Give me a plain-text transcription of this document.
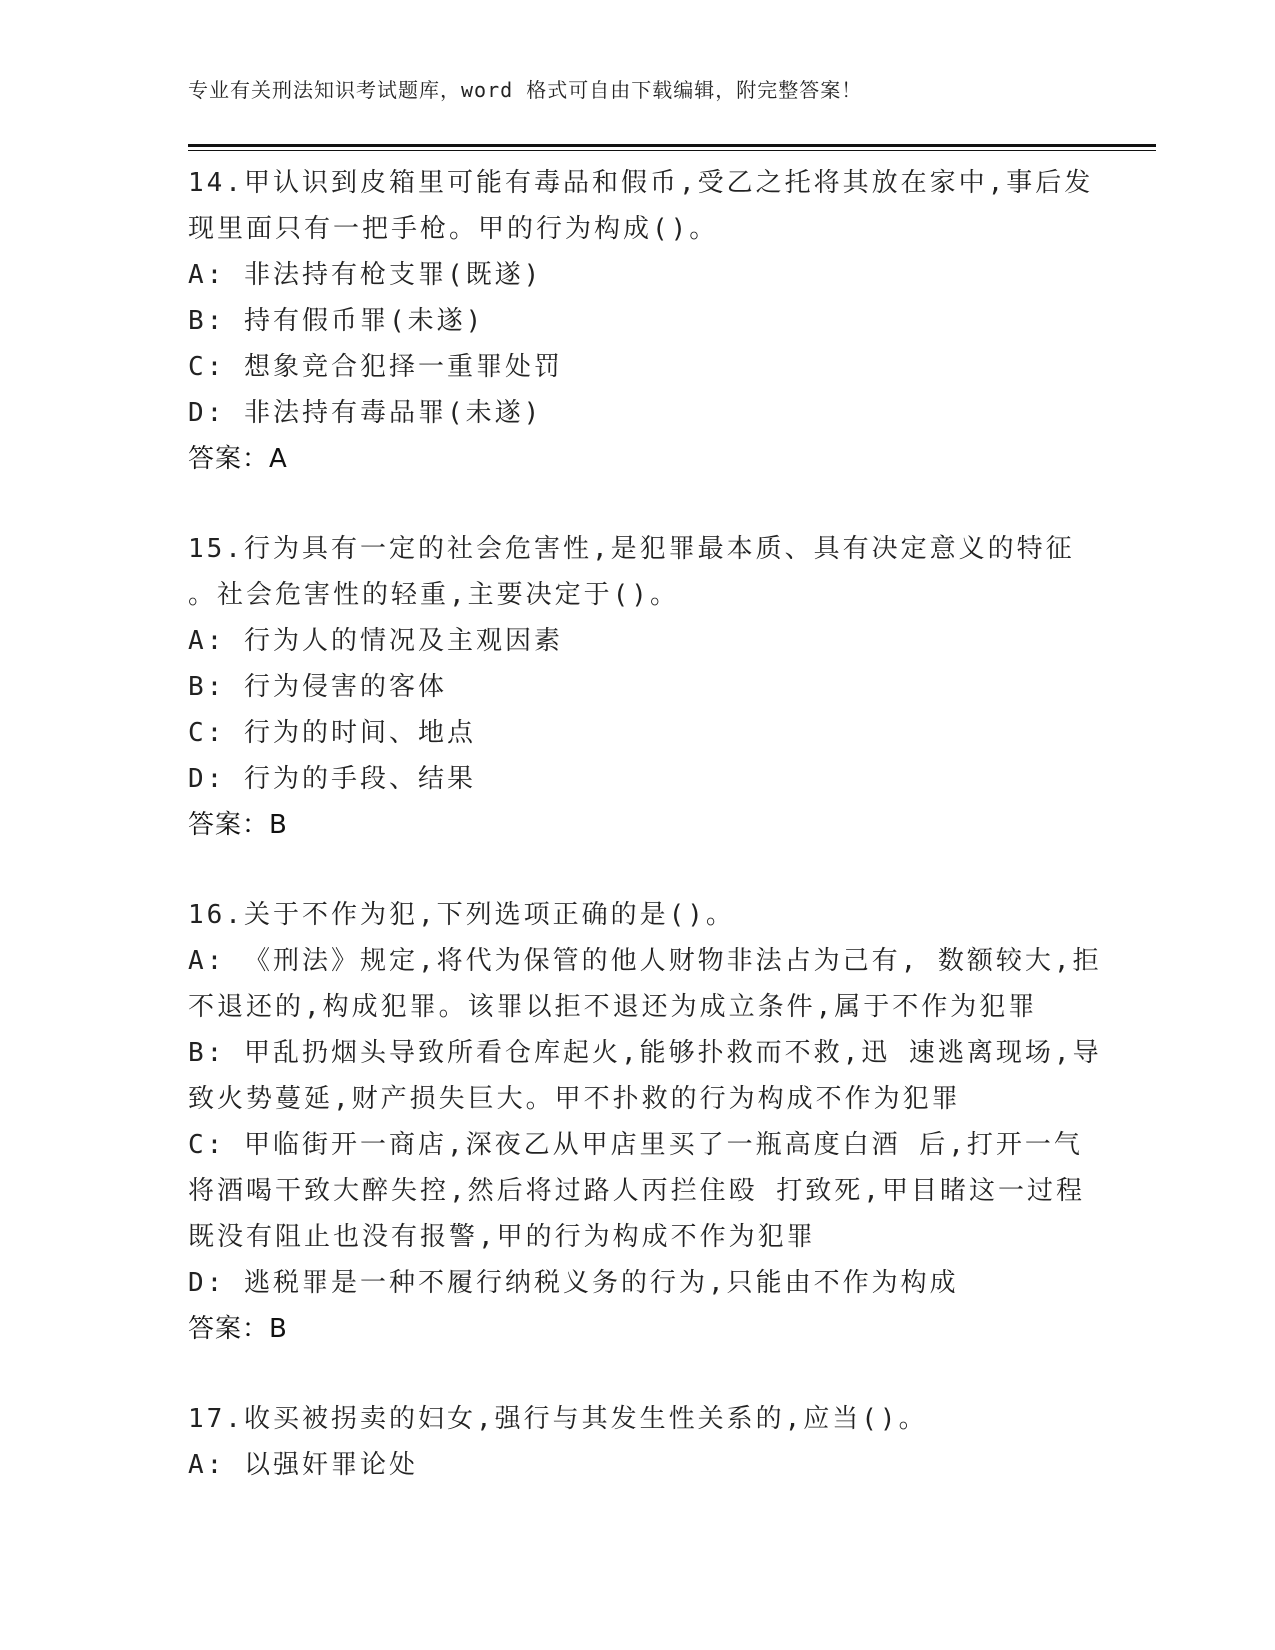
专业有关刑法知识考试题库，word 格式可自由下载编辑，附完整答案！
14.甲认识到皮箱里可能有毒品和假币,受乙之托将其放在家中,事后发
现里面只有一把手枪。甲的行为构成()。
A: 非法持有枪支罪(既遂)
B: 持有假币罪(未遂)
C: 想象竞合犯择一重罪处罚
D: 非法持有毒品罪(未遂)
答案：A
15.行为具有一定的社会危害性,是犯罪最本质、具有决定意义的特征
。社会危害性的轻重,主要决定于()。
A: 行为人的情况及主观因素
B: 行为侵害的客体
C: 行为的时间、地点
D: 行为的手段、结果
答案：B
16.关于不作为犯,下列选项正确的是()。
A: 《刑法》规定,将代为保管的他人财物非法占为己有, 数额较大,拒
不退还的,构成犯罪。该罪以拒不退还为成立条件,属于不作为犯罪
B: 甲乱扔烟头导致所看仓库起火,能够扑救而不救,迅 速逃离现场,导
致火势蔓延,财产损失巨大。甲不扑救的行为构成不作为犯罪
C: 甲临街开一商店,深夜乙从甲店里买了一瓶高度白酒 后,打开一气
将酒喝干致大醉失控,然后将过路人丙拦住殴 打致死,甲目睹这一过程
既没有阻止也没有报警,甲的行为构成不作为犯罪
D: 逃税罪是一种不履行纳税义务的行为,只能由不作为构成
答案：B
17.收买被拐卖的妇女,强行与其发生性关系的,应当()。
A: 以强奸罪论处
